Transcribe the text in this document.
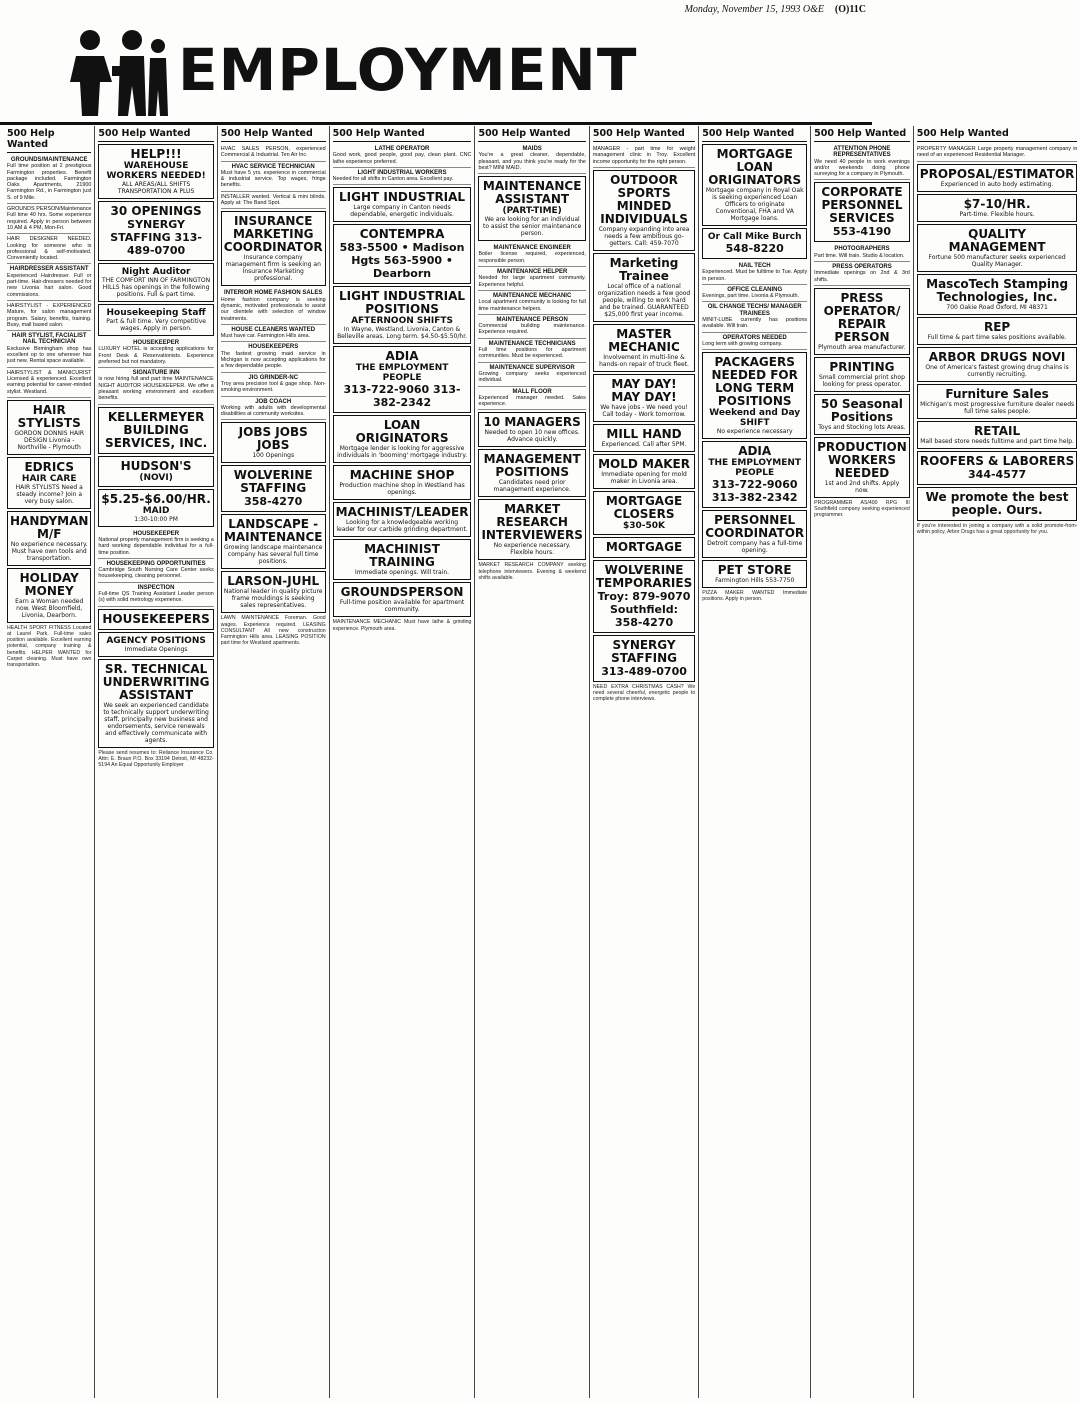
Monday, November 15, 1993 O&E (O)11C
EMPLOYMENT
500 Help Wanted
GROUNDS/MAINTENANCE
Full time position at 2 prestigious Farmington properties. Benefit package included. Farmington Oaks Apartments, 21900 Farmington Rd., in Farmington just S. of 9 Mile.
GROUNDS PERSON/Maintenance Full time 40 hrs. Some experience required. Apply in person between 10 AM & 4 PM, Mon-Fri.
HAIR DESIGNER NEEDED. Looking for someone who is professional & self-motivated. Conveniently located.
HAIRDRESSER ASSISTANT
Experienced Hairdresser. Full or part-time. Hair-dressers needed for new Livonia hair salon. Good commissions.
HAIRSTYLIST - EXPERIENCED Mature, for salon management program. Salary, benefits, training. Busy, mall based salon.
HAIR STYLIST, FACIALIST NAIL TECHNICIAN
Exclusive Birmingham shop has excellent op to one wherever has just new. Rental space available.
HAIRSTYLIST & MANICURIST Licensed & experienced. Excellent earning potential for career-minded stylist. Westland.
HAIR STYLISTS
GORDON DONNIS HAIR DESIGN Livonia - Northville - Plymouth
EDRICS
HAIR CARE
HAIR STYLISTS Need a steady income? Join a very busy salon.
HANDYMAN M/F
No experience necessary. Must have own tools and transportation.
HOLIDAY MONEY
Earn a Woman needed now. West Bloomfield, Livonia, Dearborn.
HEALTH SPORT FITNESS Located at Laurel Park. Full-time sales position available. Excellent earning potential, company training & benefits. HELPER WANTED for Carpet cleaning. Must have own transportation.
500 Help Wanted
HELP!!!
WAREHOUSE WORKERS NEEDED!
ALL AREAS/ALL SHIFTS TRANSPORTATION A PLUS
30 OPENINGS
SYNERGY STAFFING 313-489-0700
Night Auditor
THE COMFORT INN OF FARMINGTON HILLS has openings in the following positions. Full & part time.
Housekeeping Staff
Part & full time. Very competitive wages. Apply in person.
HOUSEKEEPER
LUXURY HOTEL is accepting applications for Front Desk & Reservationists. Experience preferred but not mandatory.
SIGNATURE INN
is now hiring full and part time MAINTENANCE NIGHT AUDITOR HOUSEKEEPER. We offer a pleasant working environment and excellent benefits.
KELLERMEYER BUILDING SERVICES, INC.
HUDSON'S
(NOVI)
$5.25-$6.00/HR.
MAID
1:30-10:00 PM
HOUSEKEEPER
National property management firm is seeking a hard working dependable individual for a full-time position.
HOUSEKEEPING OPPORTUNITIES
Cambridge South Nursing Care Center seeks housekeeping, cleaning personnel.
INSPECTION
Full-time QS Training Assistant Leader person (s) with solid metrology experience.
HOUSEKEEPERS
AGENCY POSITIONS
Immediate Openings
SR. TECHNICAL UNDERWRITING ASSISTANT
We seek an experienced candidate to technically support underwriting staff, principally new business and endorsements, service renewals and effectively communicate with agents.
Please send resumes to: Reliance Insurance Co. Attn: E. Braun P.O. Box 33194 Detroit, MI 48232-5194 An Equal Opportunity Employer
500 Help Wanted
HVAC SALES PERSON, experienced Commercial & Industrial. Ten Air Inc.
HVAC SERVICE TECHNICIAN
Must have 5 yrs. experience in commercial & industrial service. Top wages, fringe benefits.
INSTALLER wanted. Vertical & mini blinds. Apply at: The Band Spot.
INSURANCE MARKETING COORDINATOR
Insurance company management firm is seeking an Insurance Marketing professional.
INTERIOR HOME FASHION SALES
Home fashion company is seeking dynamic, motivated professionals to assist our clientele with selection of window treatments.
HOUSE CLEANERS WANTED
Must have car. Farmington Hills area.
HOUSEKEEPERS
The fastest growing maid service in Michigan is now accepting applications for a few dependable people.
JIG GRINDER-NC
Troy area precision tool & gage shop. Non-smoking environment.
JOB COACH
Working with adults with developmental disabilities at community worksites.
JOBS JOBS JOBS
100 Openings
WOLVERINE STAFFING
358-4270
LANDSCAPE - MAINTENANCE
Growing landscape maintenance company has several full time positions.
LARSON-JUHL
National leader in quality picture frame mouldings is seeking sales representatives.
LAWN MAINTENANCE Foreman. Good wages. Experience required. LEASING CONSULTANT All new construction Farmington Hills area. LEASING POSITION part time for Westland apartments.
500 Help Wanted
LATHE OPERATOR
Good work, good people, good pay, clean plant. CNC lathe experience preferred.
LIGHT INDUSTRIAL WORKERS
Needed for all shifts in Canton area. Excellent pay.
LIGHT INDUSTRIAL
Large company in Canton needs dependable, energetic individuals.
CONTEMPRA
583-5500 • Madison Hgts 563-5900 • Dearborn
LIGHT INDUSTRIAL POSITIONS
AFTERNOON SHIFTS
In Wayne, Westland, Livonia, Canton & Belleville areas. Long term. $4.50-$5.50/hr.
ADIA
THE EMPLOYMENT PEOPLE
313-722-9060 313-382-2342
LOAN ORIGINATORS
Mortgage lender is looking for aggressive individuals in 'booming' mortgage industry.
MACHINE SHOP
Production machine shop in Westland has openings.
MACHINIST/LEADER
Looking for a knowledgeable working leader for our carbide grinding department.
MACHINIST TRAINING
Immediate openings. Will train.
GROUNDSPERSON
Full-time position available for apartment community.
MAINTENANCE MECHANIC Must have lathe & grinding experience. Plymouth area.
500 Help Wanted
MAIDS
You're a great cleaner, dependable, pleasant, and you think you're ready for the best? MINI MAID.
MAINTENANCE ASSISTANT
(PART-TIME)
We are looking for an individual to assist the senior maintenance person.
MAINTENANCE ENGINEER
Boiler license required, experienced, responsible person.
MAINTENANCE HELPER
Needed for large apartment community. Experience helpful.
MAINTENANCE MECHANIC
Local apartment community is looking for full time maintenance helpers.
MAINTENANCE PERSON
Commercial building maintenance. Experience required.
MAINTENANCE TECHNICIANS
Full time positions for apartment communities. Must be experienced.
MAINTENANCE SUPERVISOR
Growing company seeks experienced individual.
MALL FLOOR
Experienced manager needed. Sales experience.
10 MANAGERS
Needed to open 10 new offices. Advance quickly.
MANAGEMENT POSITIONS
Candidates need prior management experience.
MARKET RESEARCH INTERVIEWERS
No experience necessary. Flexible hours.
MARKET RESEARCH COMPANY seeking telephone interviewers. Evening & weekend shifts available.
500 Help Wanted
MANAGER - part time for weight management clinic in Troy. Excellent income opportunity for the right person.
OUTDOOR SPORTS MINDED INDIVIDUALS
Company expanding into area needs a few ambitious go-getters. Call: 459-7070
Marketing Trainee
Local office of a national organization needs a few good people, willing to work hard and be trained. GUARANTEED $25,000 first year income.
MASTER MECHANIC
Involvement in multi-line & hands-on repair of truck fleet.
MAY DAY! MAY DAY!
We have jobs - We need you! Call today - Work tomorrow.
MILL HAND
Experienced. Call after 5PM.
MOLD MAKER
Immediate opening for mold maker in Livonia area.
MORTGAGE CLOSERS
$30-50K
MORTGAGE
WOLVERINE TEMPORARIES
Troy: 879-9070 Southfield: 358-4270
SYNERGY STAFFING
313-489-0700
NEED EXTRA CHRISTMAS CASH? We need several cheerful, energetic people to complete phone interviews.
500 Help Wanted
MORTGAGE LOAN ORIGINATORS
Mortgage company in Royal Oak is seeking experienced Loan Officers to originate Conventional, FHA and VA Mortgage loans.
Or Call Mike Burch
548-8220
NAIL TECH
Experienced. Must be fulltime to Tue. Apply in person.
OFFICE CLEANING
Evenings, part time. Livonia & Plymouth.
OIL CHANGE TECHS/ MANAGER TRAINEES
MINIT-LUBE currently has positions available. Will train.
OPERATORS NEEDED
Long term with growing company.
PACKAGERS NEEDED FOR LONG TERM POSITIONS
Weekend and Day SHIFT
No experience necessary
ADIA
THE EMPLOYMENT PEOPLE
313-722-9060 313-382-2342
PERSONNEL COORDINATOR
Detroit company has a full-time opening.
PET STORE
Farmington Hills 553-7750
PIZZA MAKER WANTED Immediate positions. Apply in person.
500 Help Wanted
ATTENTION PHONE REPRESENTATIVES
We need 40 people to work evenings and/or weekends doing phone surveying for a company in Plymouth.
CORPORATE PERSONNEL SERVICES
553-4190
PHOTOGRAPHERS
Part time. Will train. Studio & location.
PRESS OPERATORS
Immediate openings on 2nd & 3rd shifts.
PRESS OPERATOR/ REPAIR PERSON
Plymouth area manufacturer.
PRINTING
Small commercial print shop looking for press operator.
50 Seasonal Positions
Toys and Stocking lots Areas.
PRODUCTION WORKERS NEEDED
1st and 2nd shifts. Apply now.
PROGRAMMER AS/400 RPG III Southfield company seeking experienced programmer.
500 Help Wanted
PROPERTY MANAGER Large property management company in need of an experienced Residential Manager.
PROPOSAL/ESTIMATOR
Experienced in auto body estimating.
$7-10/HR.
Part-time. Flexible hours.
QUALITY MANAGEMENT
Fortune 500 manufacturer seeks experienced Quality Manager.
MascoTech Stamping Technologies, Inc.
700 Oakie Road Oxford, MI 48371
REP
Full time & part time sales positions available.
ARBOR DRUGS NOVI
One of America's fastest growing drug chains is currently recruiting.
Furniture Sales
Michigan's most progressive furniture dealer needs full time sales people.
RETAIL
Mall based store needs fulltime and part time help.
ROOFERS & LABORERS
344-4577
We promote the best people. Ours.
If you're interested in joining a company with a solid promote-from-within policy, Arbor Drugs has a great opportunity for you.
